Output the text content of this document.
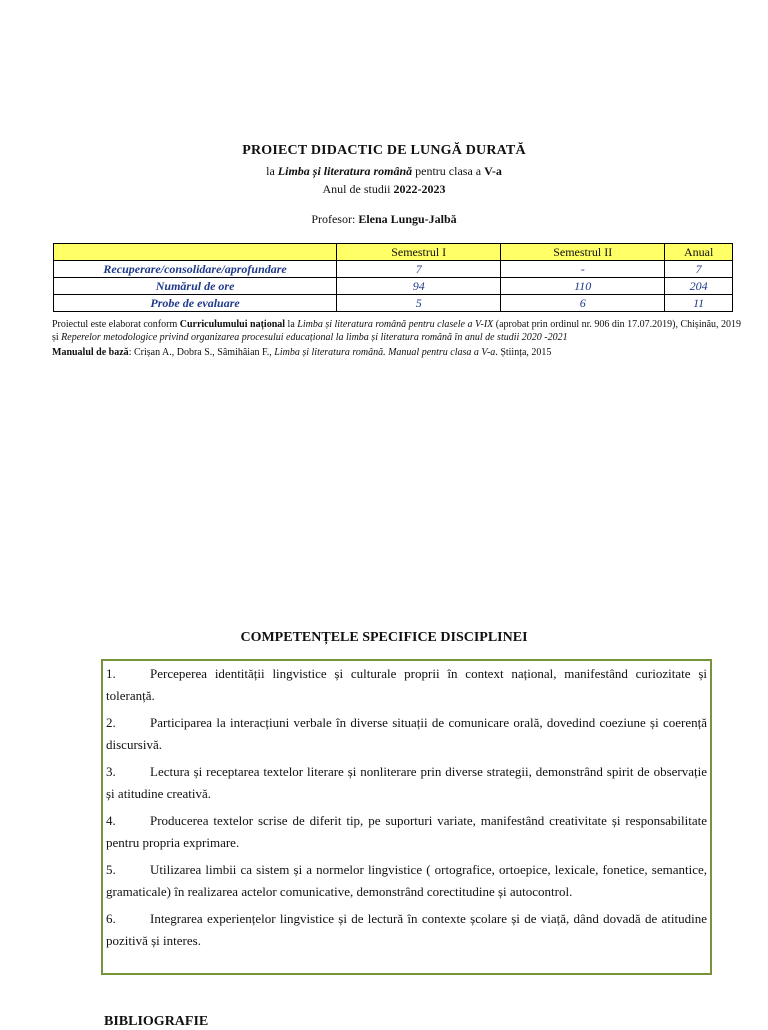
PROIECT DIDACTIC DE LUNGĂ DURATĂ
la Limba și literatura română pentru clasa a V-a
Anul de studii 2022-2023
Profesor: Elena Lungu-Jalbă
	Semestrul I	Semestrul II	Anual
Recuperare/consolidare/aprofundare	7	-	7
Numărul de ore	94	110	204
Probe de evaluare	5	6	11
Proiectul este elaborat conform Curriculumului național la Limba și literatura română pentru clasele a V-IX (aprobat prin ordinul nr. 906 din 17.07.2019), Chișinău, 2019 și Reperelor metodologice privind organizarea procesului educațional la limba și literatura română în anul de studii 2020 -2021
Manualul de bază: Crișan A., Dobra S., Sâmihăian F., Limba și literatura română. Manual pentru clasa a V-a. Știința, 2015
COMPETENȚELE SPECIFICE DISCIPLINEI
1.	Perceperea identității lingvistice și culturale proprii în context național, manifestând curiozitate și toleranță.
2.	Participarea la interacțiuni verbale în diverse situații de comunicare orală, dovedind coeziune și coerență discursivă.
3.	Lectura și receptarea textelor literare și nonliterare prin diverse strategii, demonstrând spirit de observație și atitudine creativă.
4.	Producerea textelor scrise de diferit tip, pe suporturi variate, manifestând creativitate și responsabilitate pentru propria exprimare.
5.	Utilizarea limbii ca sistem și a normelor lingvistice ( ortografice, ortoepice, lexicale, fonetice, semantice, gramaticale) în realizarea actelor comunicative, demonstrând corectitudine și autocontrol.
6.	Integrarea experiențelor lingvistice și de lectură în contexte școlare și de viață, dând dovadă de atitudine pozitivă și interes.
BIBLIOGRAFIE
